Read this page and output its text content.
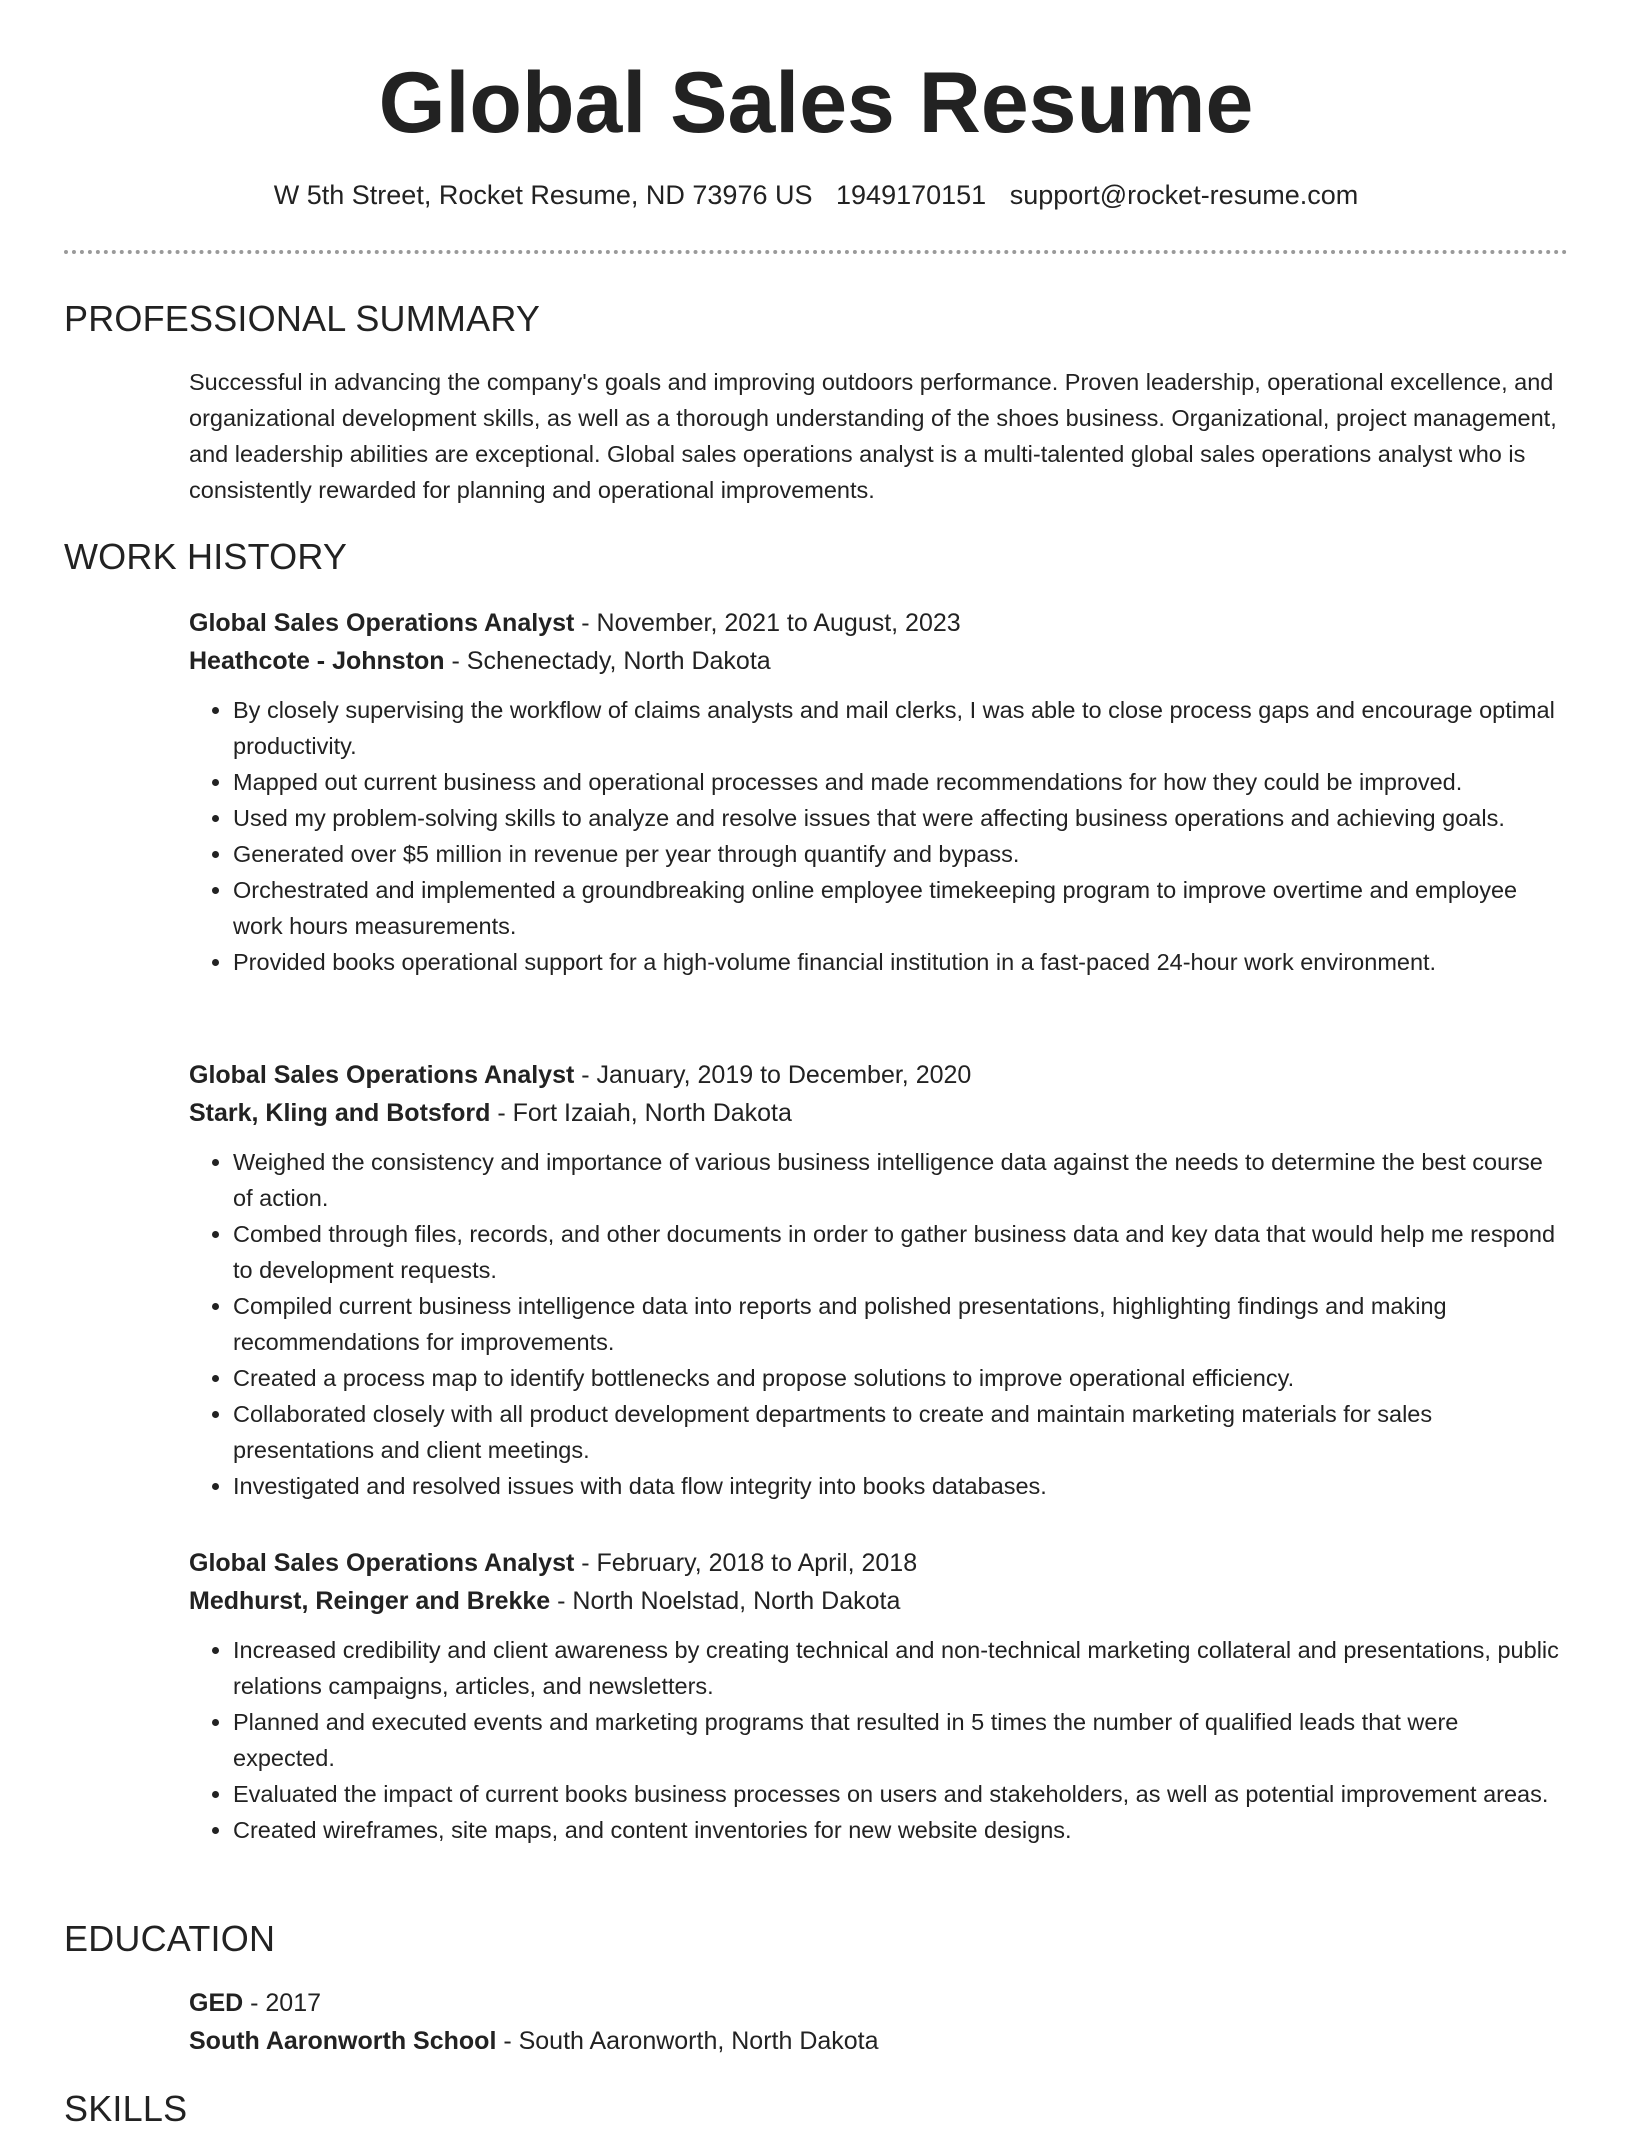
Global Sales Resume
W 5th Street, Rocket Resume, ND 73976 US 1949170151 support@rocket-resume.com
PROFESSIONAL SUMMARY

Successful in advancing the company's goals and improving outdoors performance. Proven leadership, operational excellence, and organizational development skills, as well as a thorough understanding of the shoes business. Organizational, project management, and leadership abilities are exceptional. Global sales operations analyst is a multi-talented global sales operations analyst who is consistently rewarded for planning and operational improvements.

WORK HISTORY
Global Sales Operations Analyst - November, 2021 to August, 2023
Heathcote - Johnston - Schenectady, North Dakota
• By closely supervising the workflow of claims analysts and mail clerks, I was able to close process gaps and encourage optimal productivity.
• Mapped out current business and operational processes and made recommendations for how they could be improved.
• Used my problem-solving skills to analyze and resolve issues that were affecting business operations and achieving goals.
• Generated over $5 million in revenue per year through quantify and bypass.
• Orchestrated and implemented a groundbreaking online employee timekeeping program to improve overtime and employee work hours measurements.
• Provided books operational support for a high-volume financial institution in a fast-paced 24-hour work environment.
Global Sales Operations Analyst - January, 2019 to December, 2020
Stark, Kling and Botsford - Fort Izaiah, North Dakota
• Weighed the consistency and importance of various business intelligence data against the needs to determine the best course of action.
• Combed through files, records, and other documents in order to gather business data and key data that would help me respond to development requests.
• Compiled current business intelligence data into reports and polished presentations, highlighting findings and making recommendations for improvements.
• Created a process map to identify bottlenecks and propose solutions to improve operational efficiency.
• Collaborated closely with all product development departments to create and maintain marketing materials for sales presentations and client meetings.
• Investigated and resolved issues with data flow integrity into books databases.
Global Sales Operations Analyst - February, 2018 to April, 2018
Medhurst, Reinger and Brekke - North Noelstad, North Dakota
• Increased credibility and client awareness by creating technical and non-technical marketing collateral and presentations, public relations campaigns, articles, and newsletters.
• Planned and executed events and marketing programs that resulted in 5 times the number of qualified leads that were expected.
• Evaluated the impact of current books business processes on users and stakeholders, as well as potential improvement areas.
• Created wireframes, site maps, and content inventories for new website designs.
EDUCATION
GED - 2017
South Aaronworth School - South Aaronworth, North Dakota
SKILLS
